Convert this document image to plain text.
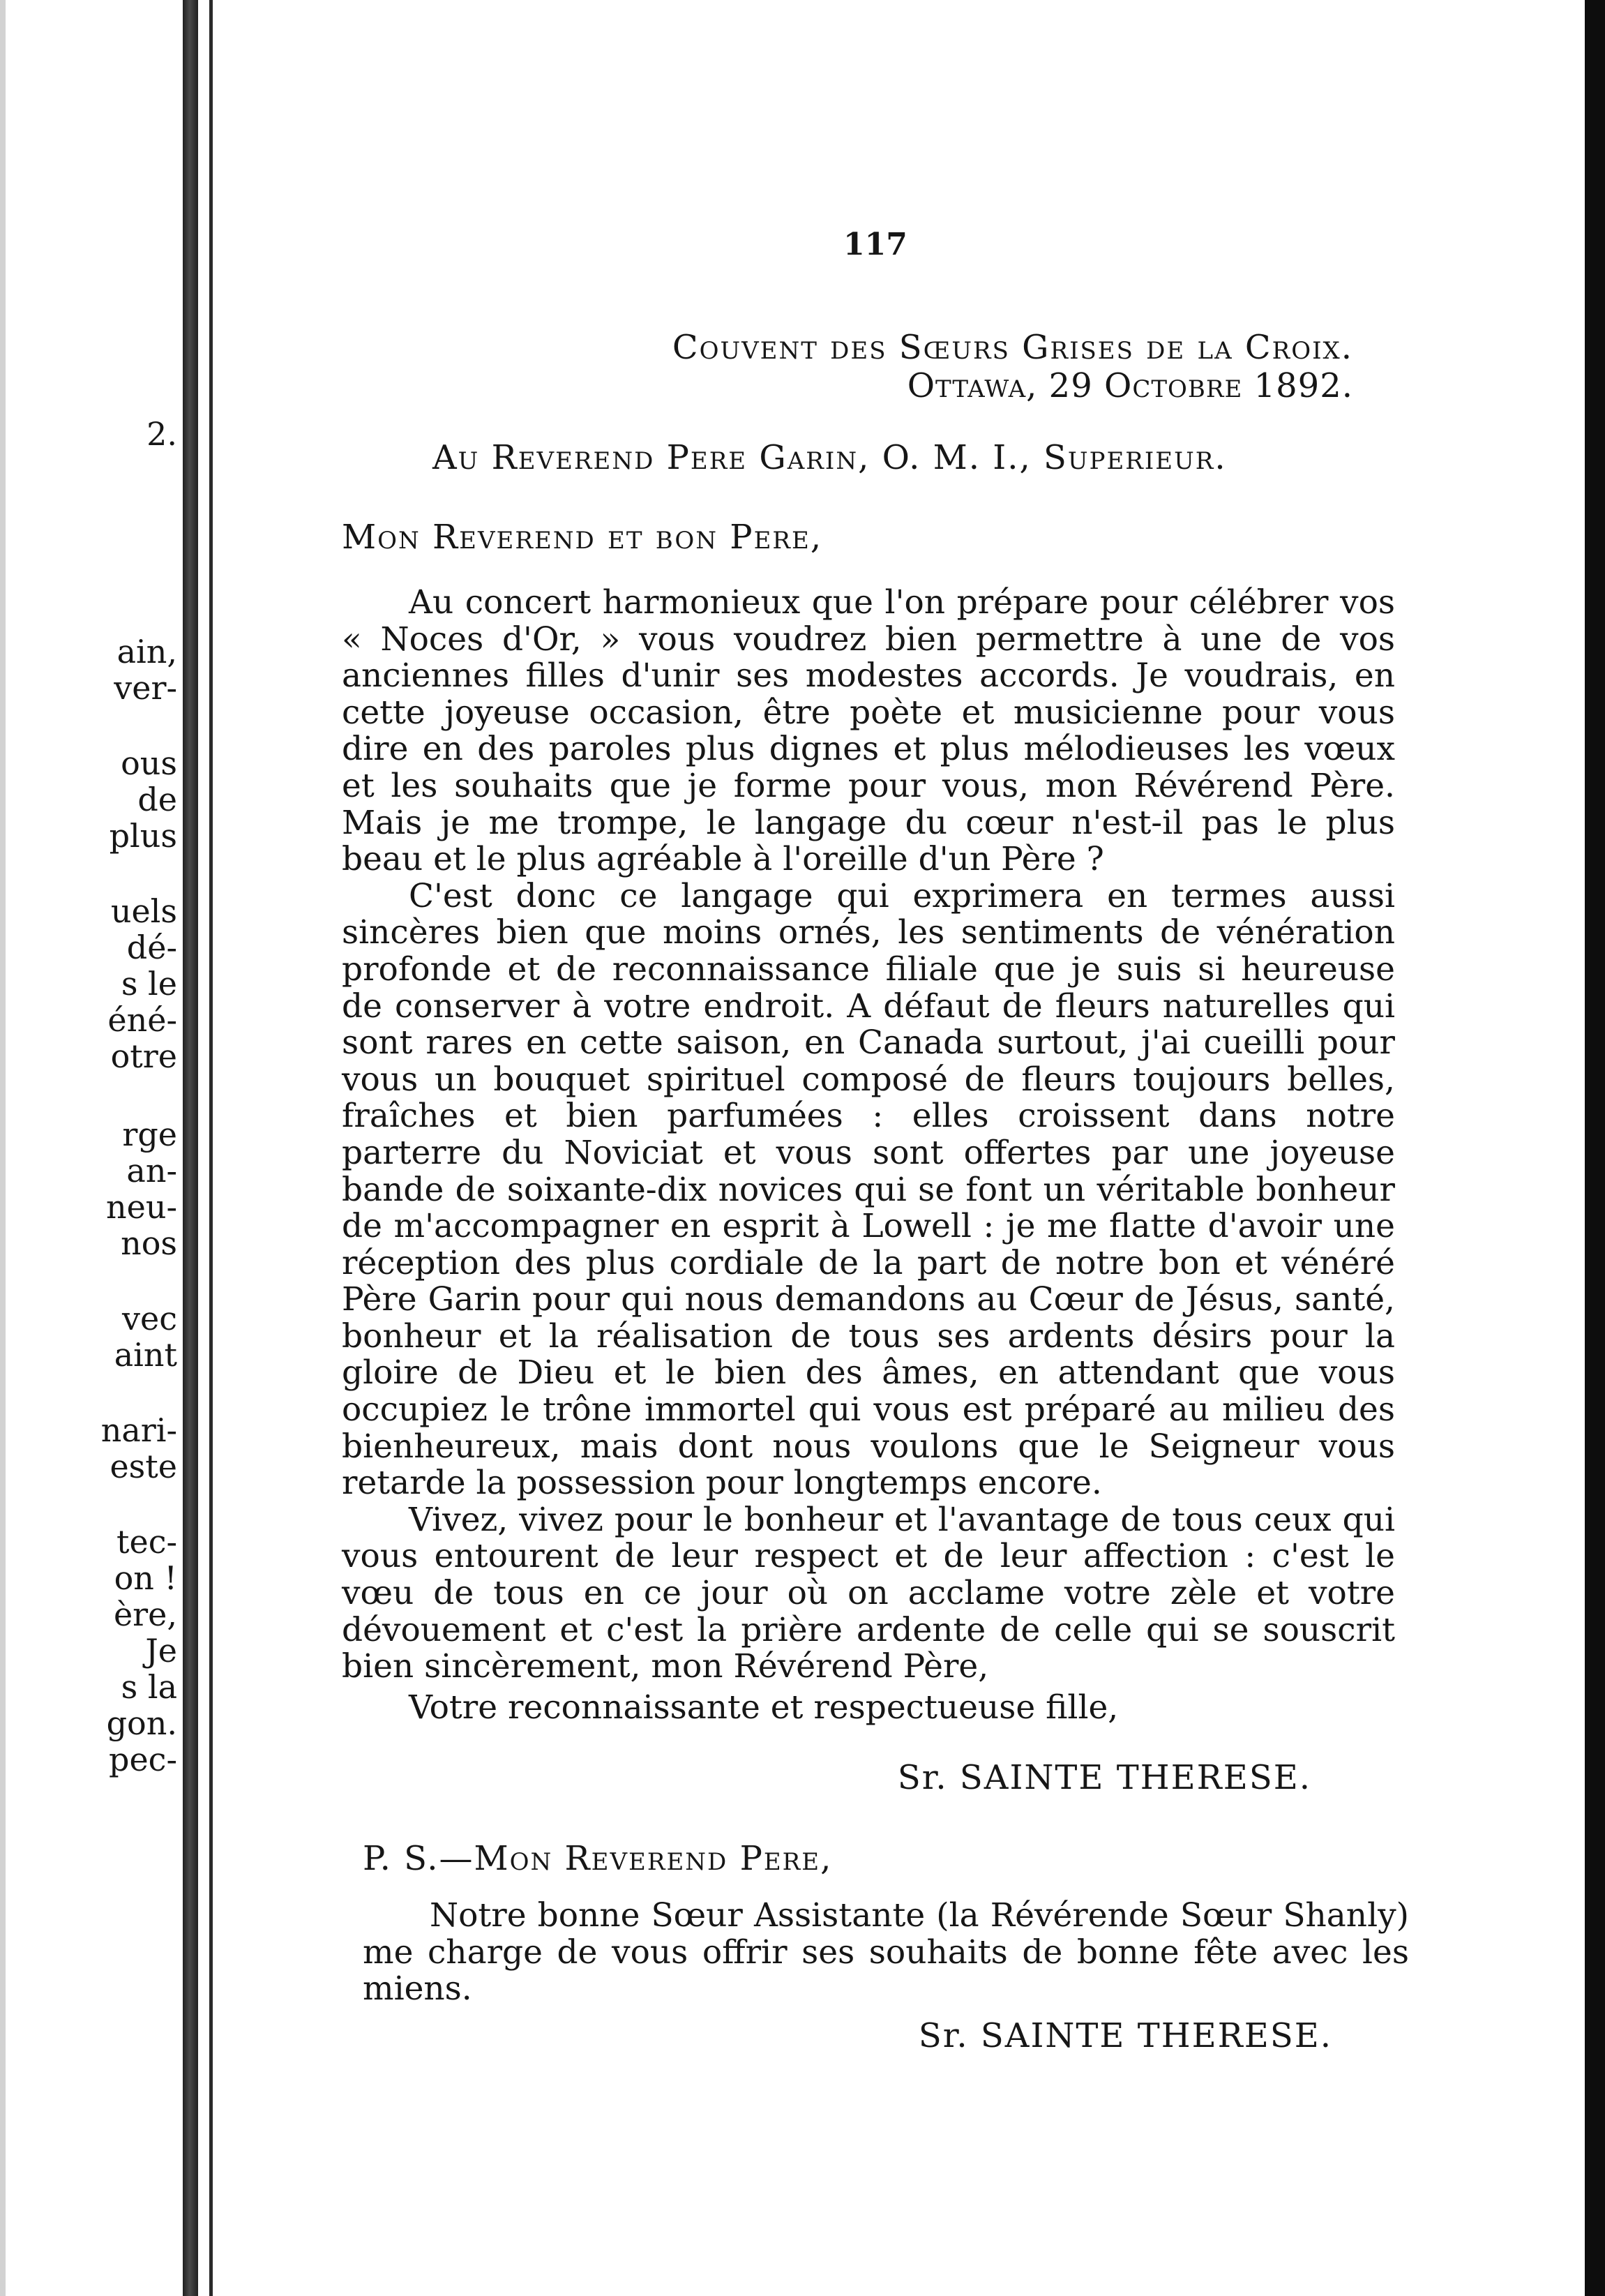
2.
ain,
ver-
ous
de
plus
uels
dé-
s le
éné-
otre
rge
an-
neu-
nos
vec
aint
nari-
este
tec-
on !
ère,
Je
s la
gon.
pec-
117
Couvent des Sœurs Grises de la Croix.
Ottawa, 29 Octobre 1892.
Au Reverend Pere Garin, O. M. I., Superieur.
Mon Reverend et bon Pere,

Au concert harmonieux que l'on prépare pour célébrer vos « Noces d'Or, » vous voudrez bien permettre à une de vos anciennes filles d'unir ses modestes accords. Je voudrais, en cette joyeuse occasion, être poète et musicienne pour vous dire en des paroles plus dignes et plus mélodieuses les vœux et les souhaits que je forme pour vous, mon Révérend Père. Mais je me trompe, le langage du cœur n'est-il pas le plus beau et le plus agréable à l'oreille d'un Père ?

C'est donc ce langage qui exprimera en termes aussi sincères bien que moins ornés, les sentiments de vénération profonde et de reconnaissance filiale que je suis si heureuse de conserver à votre endroit. A défaut de fleurs naturelles qui sont rares en cette saison, en Canada surtout, j'ai cueilli pour vous un bouquet spirituel composé de fleurs toujours belles, fraîches et bien parfumées : elles croissent dans notre parterre du Noviciat et vous sont offertes par une joyeuse bande de soixante-dix novices qui se font un véritable bonheur de m'accompagner en esprit à Lowell : je me flatte d'avoir une réception des plus cordiale de la part de notre bon et vénéré Père Garin pour qui nous demandons au Cœur de Jésus, santé, bonheur et la réalisation de tous ses ardents désirs pour la gloire de Dieu et le bien des âmes, en attendant que vous occupiez le trône immortel qui vous est préparé au milieu des bienheureux, mais dont nous voulons que le Seigneur vous retarde la possession pour longtemps encore.

Vivez, vivez pour le bonheur et l'avantage de tous ceux qui vous entourent de leur respect et de leur affection : c'est le vœu de tous en ce jour où on acclame votre zèle et votre dévouement et c'est la prière ardente de celle qui se souscrit bien sincèrement, mon Révérend Père,

Votre reconnaissante et respectueuse fille,
Sr. SAINTE THERESE.
P. S.—Mon Reverend Pere,

Notre bonne Sœur Assistante (la Révérende Sœur Shanly) me charge de vous offrir ses souhaits de bonne fête avec les miens.

Sr. SAINTE THERESE.
